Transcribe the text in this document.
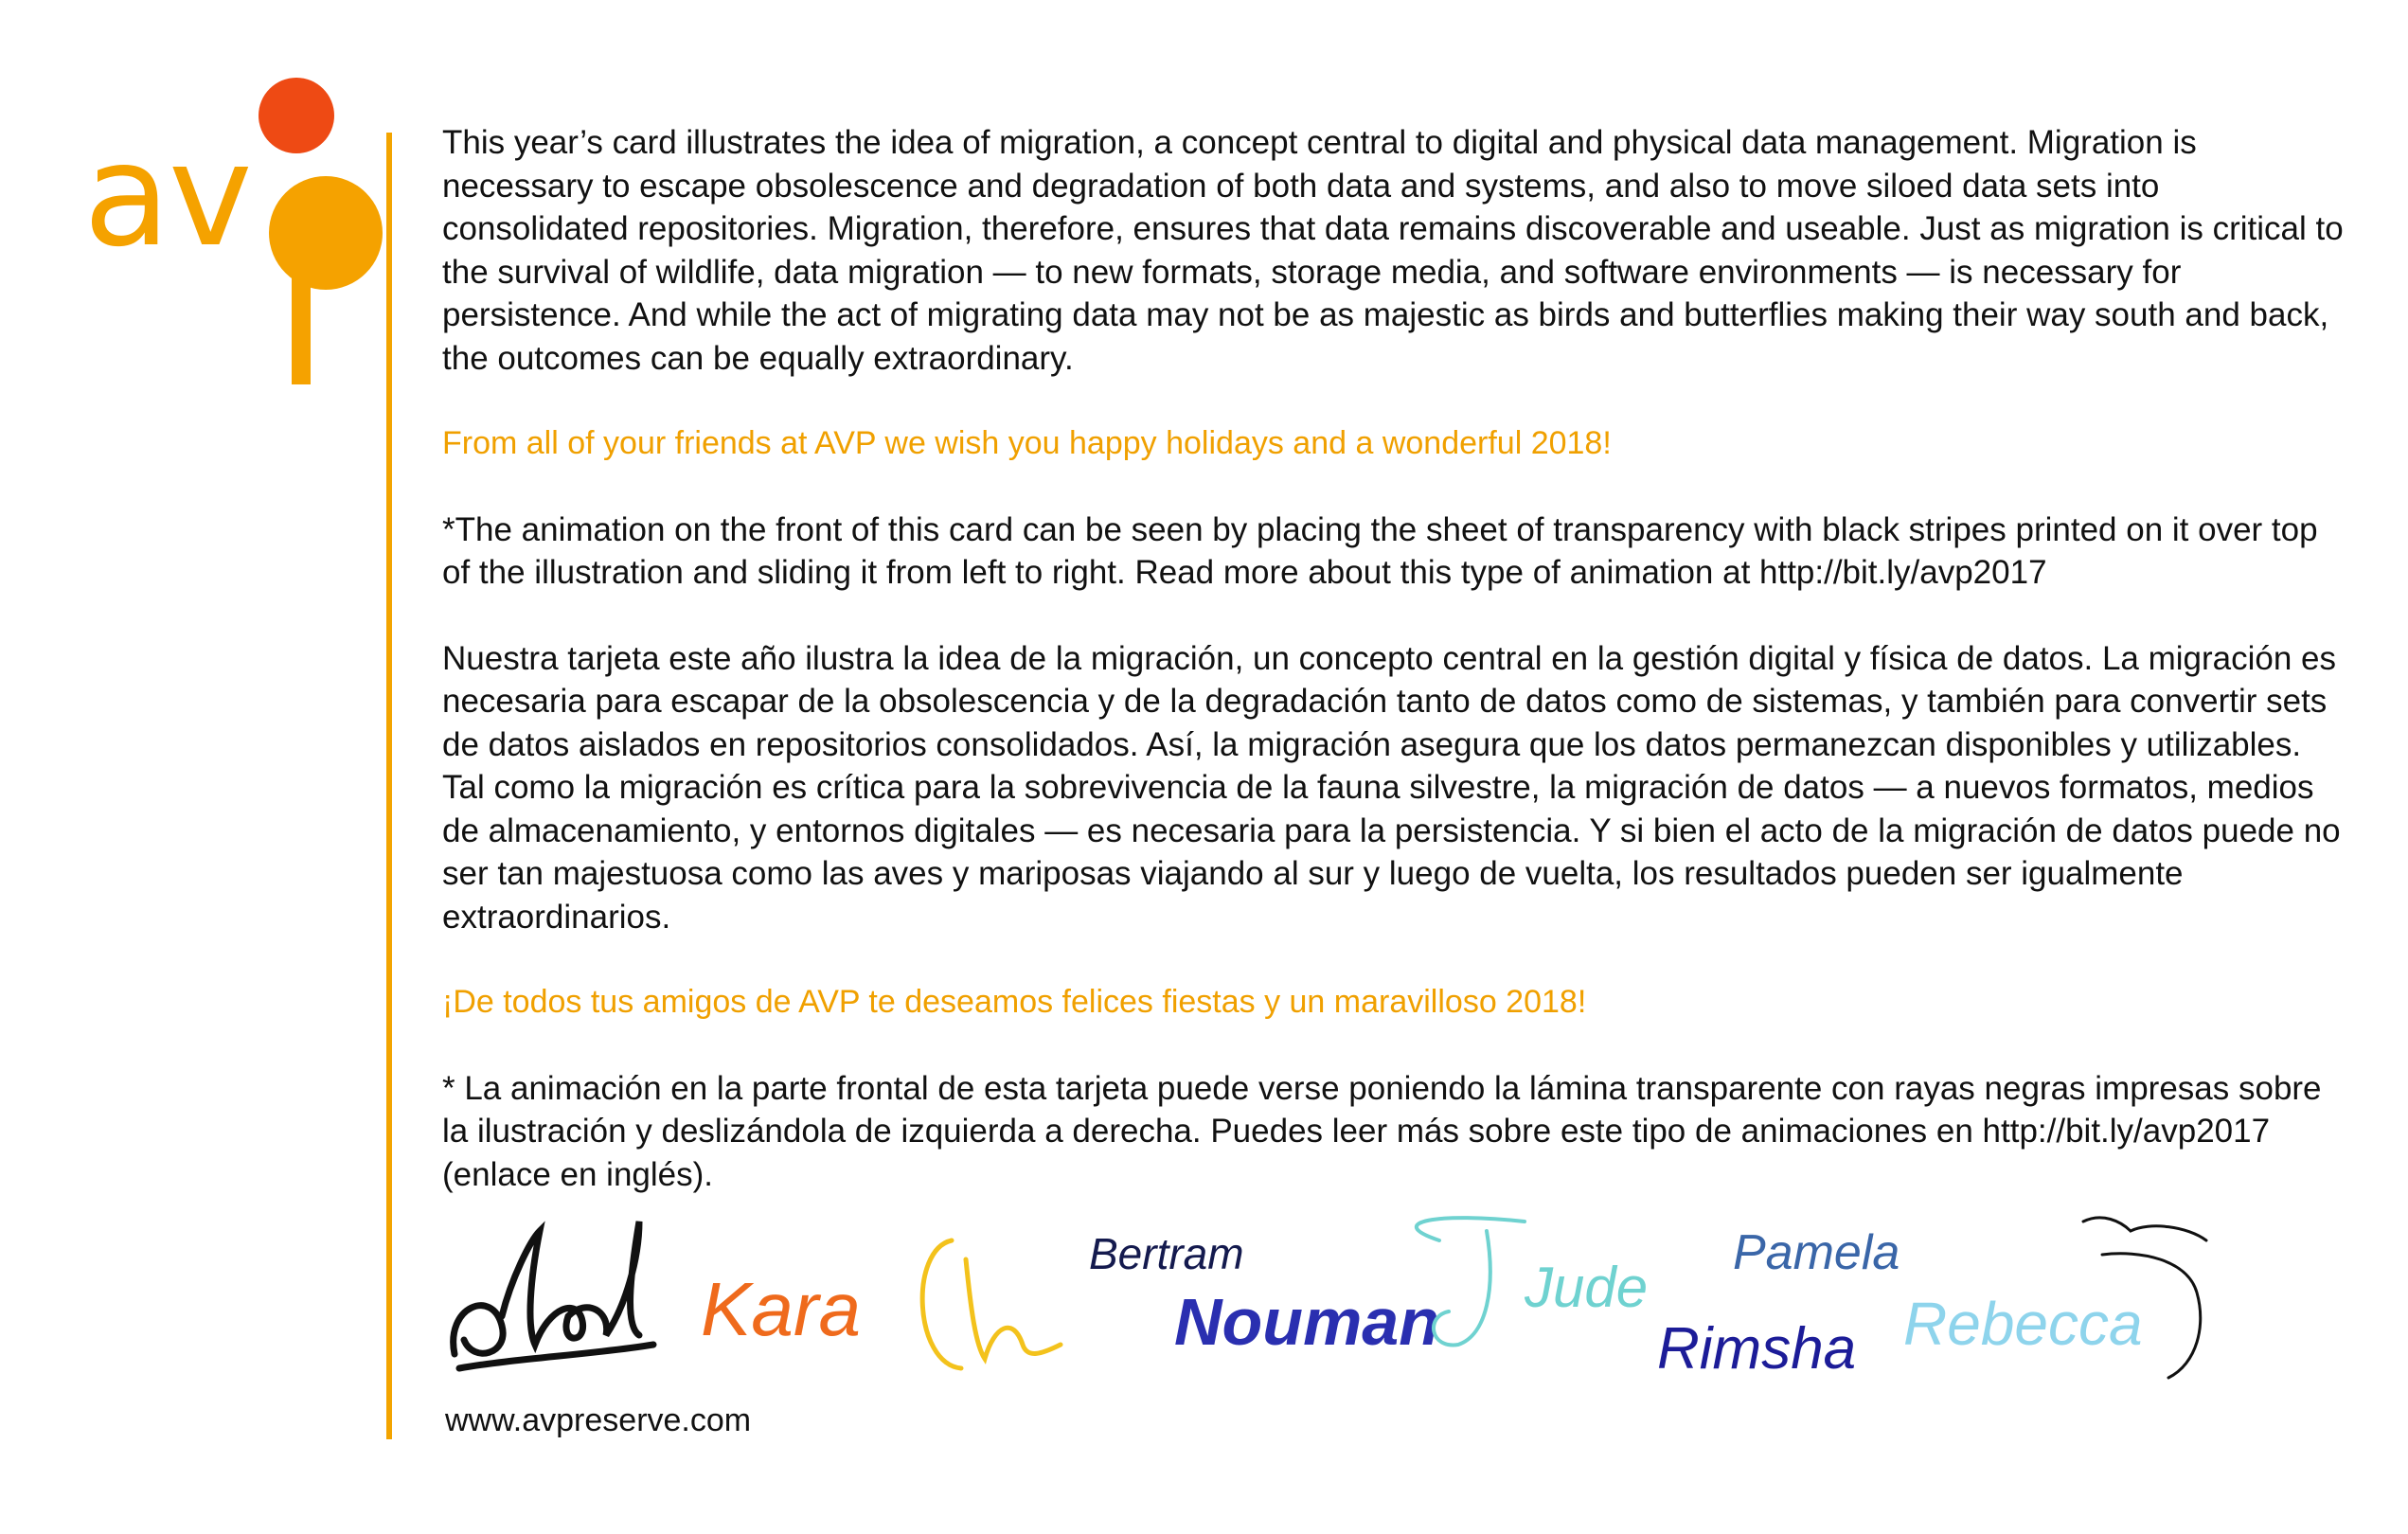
av	This year’s card illustrates the idea of migration, a concept central to digital and physical data management. Migration is necessary to escape obsolescence and degradation of both data and systems, and also to move siloed data sets into consolidated repositories. Migration, therefore, ensures that data remains discoverable and useable. Just as migration is critical to the survival of wildlife, data migration — to new formats, storage media, and software environments — is necessary for persistence. And while the act of migrating data may not be as majestic as birds and butterflies making their way south and back, the outcomes can be equally extraordinary.

From all of your friends at AVP we wish you happy holidays and a wonderful 2018!

*The animation on the front of this card can be seen by placing the sheet of transparency with black stripes printed on it over top of the illustration and sliding it from left to right. Read more about this type of animation at http://bit.ly/avp2017

Nuestra tarjeta este año ilustra la idea de la migración, un concepto central en la gestión digital y física de datos. La migración es necesaria para escapar de la obsolescencia y de la degradación tanto de datos como de sistemas, y también para convertir sets de datos aislados en repositorios consolidados. Así, la migración asegura que los datos permanezcan disponibles y utilizables. Tal como la migración es crítica para la sobrevivencia de la fauna silvestre, la migración de datos — a nuevos formatos, medios de almacenamiento, y entornos digitales — es necesaria para la persistencia. Y si bien el acto de la migración de datos puede no ser tan majestuosa como las aves y mariposas viajando al sur y luego de vuelta, los resultados pueden ser igualmente extraordinarios.

¡De todos tus amigos de AVP te deseamos felices fiestas y un maravilloso 2018!

* La animación en la parte frontal de esta tarjeta puede verse poniendo la lámina transparente con rayas negras impresas sobre la ilustración y deslizándola de izquierda a derecha. Puedes leer más sobre este tipo de animaciones en http://bit.ly/avp2017 (enlace en inglés).

Kara
Bertram
Nouman Jude
Pamela
Rimsha Rebecca
www.avpreserve.com
